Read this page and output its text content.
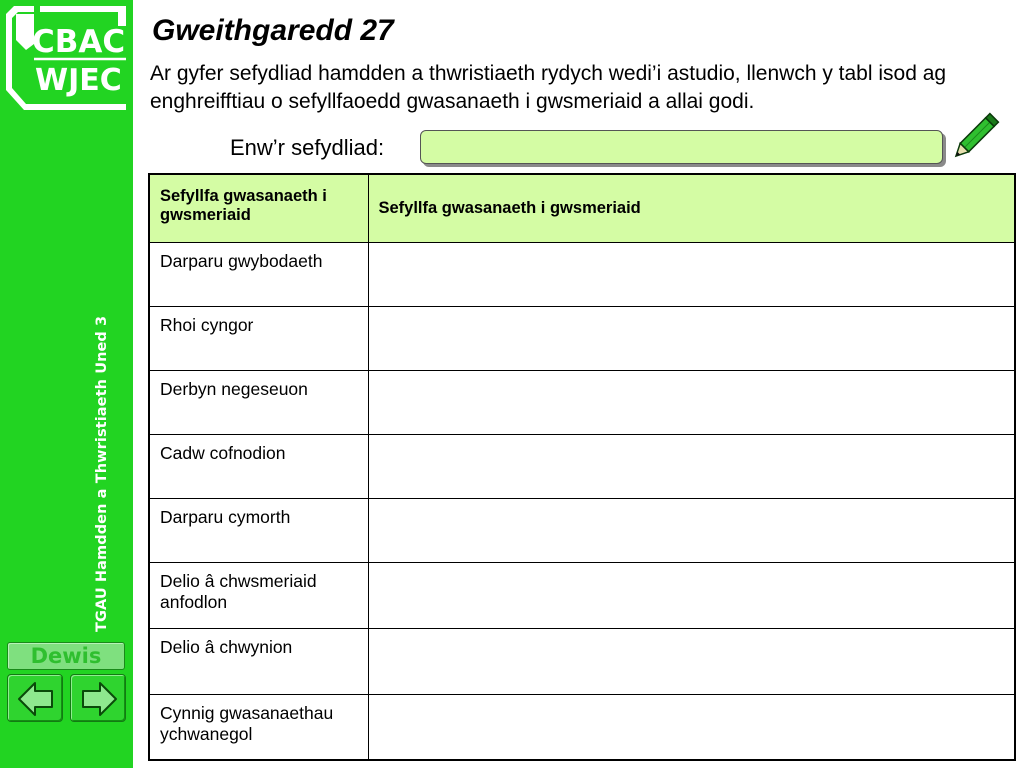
CBAC
WJEC
TGAU Hamdden a Thwristiaeth Uned 3
Dewis
Gweithgaredd 27

Ar gyfer sefydliad hamdden a thwristiaeth rydych wedi’i astudio, llenwch y tabl isod ag enghreifftiau o sefyllfaoedd gwasanaeth i gwsmeriaid a allai godi.

Enw’r sefydliad:
Sefyllfa gwasanaeth i gwsmeriaid	Sefyllfa gwasanaeth i gwsmeriaid
Darparu gwybodaeth	
Rhoi cyngor	
Derbyn negeseuon	
Cadw cofnodion	
Darparu cymorth	
Delio â chwsmeriaid anfodlon	
Delio â chwynion	
Cynnig gwasanaethau ychwanegol	
